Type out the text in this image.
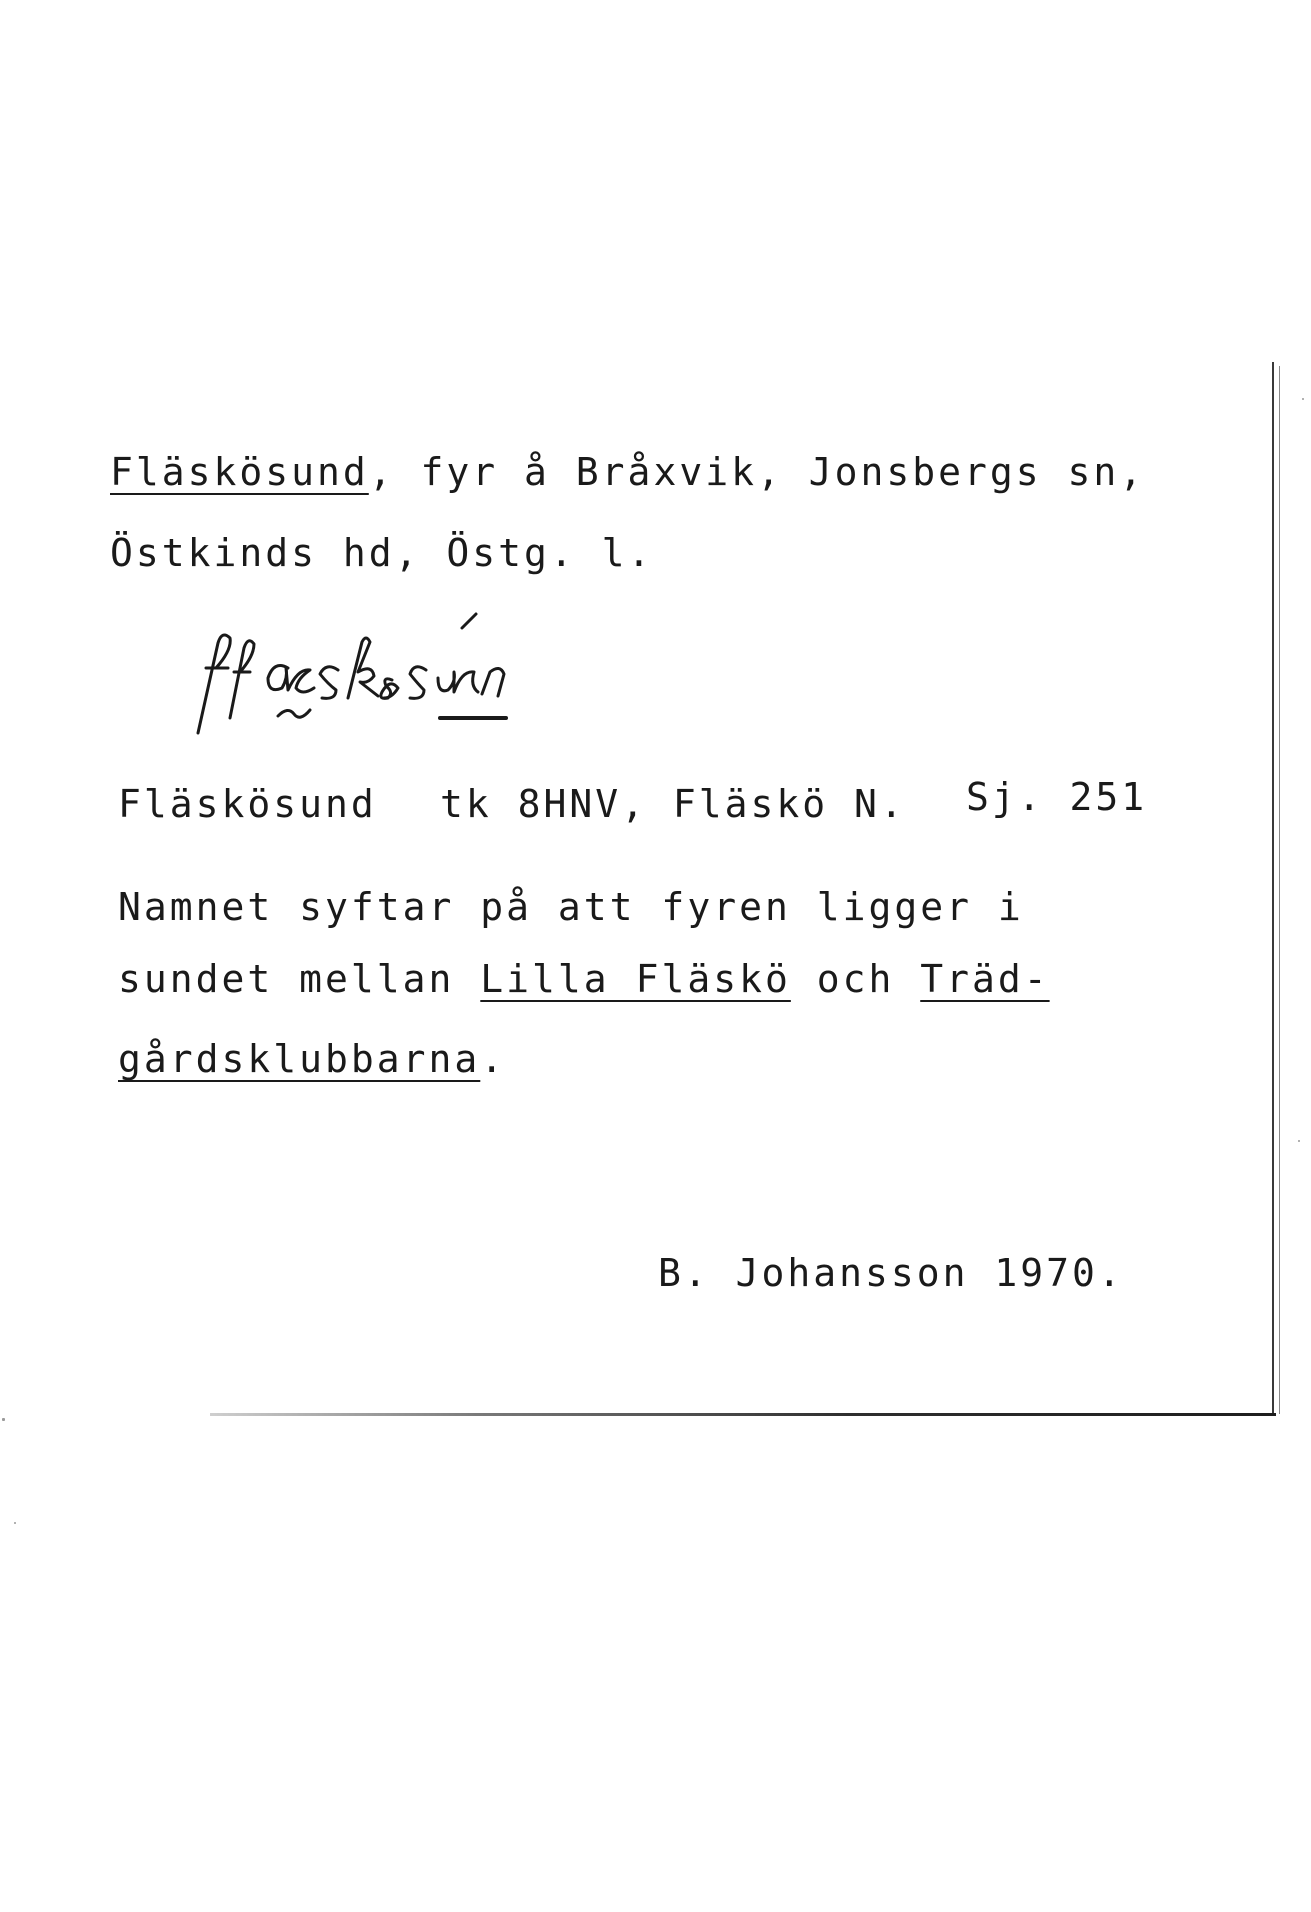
Fläskösund, fyr å Bråxvik, Jonsbergs sn,
Östkinds hd, Östg. l.
Fläskösund tk 8HNV, Fläskö N. Sj. 251
Namnet syftar på att fyren ligger i
sundet mellan Lilla Fläskö och Träd-
gårdsklubbarna.
B. Johansson 1970.
